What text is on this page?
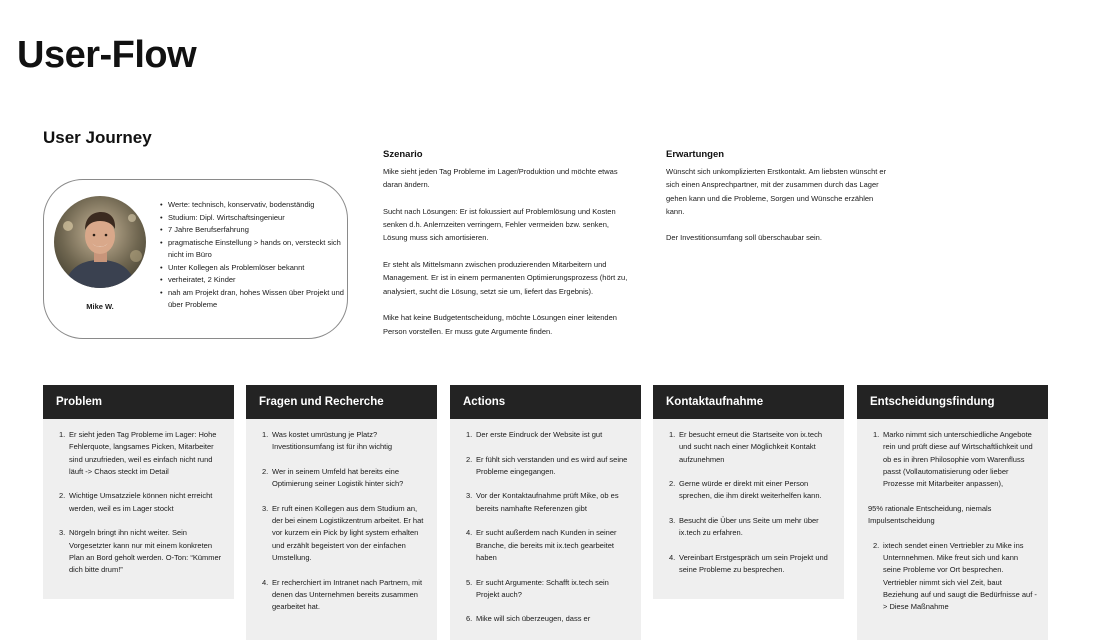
User-Flow
User Journey
Mike W.
• Werte: technisch, konservativ, bodenständig
• Studium: Dipl. Wirtschaftsingenieur
• 7 Jahre Berufserfahrung
• pragmatische Einstellung > hands on, versteckt sich nicht im Büro
• Unter Kollegen als Problemlöser bekannt
• verheiratet, 2 Kinder
• nah am Projekt dran, hohes Wissen über Projekt und über Probleme
Szenario

Mike sieht jeden Tag Probleme im Lager/Produktion und möchte etwas daran ändern.

Sucht nach Lösungen: Er ist fokussiert auf Problemlösung und Kosten senken d.h. Anlernzeiten verringern, Fehler vermeiden bzw. senken, Lösung muss sich amortisieren.

Er steht als Mittelsmann zwischen produzierenden Mitarbeitern und Management. Er ist in einem permanenten Optimierungsprozess (hört zu, analysiert, sucht die Lösung, setzt sie um, liefert das Ergebnis).

Mike hat keine Budgetentscheidung, möchte Lösungen einer leitenden Person vorstellen. Er muss gute Argumente finden.

Erwartungen

Wünscht sich unkomplizierten Erstkontakt. Am liebsten wünscht er sich einen Ansprechpartner, mit der zusammen durch das Lager gehen kann und die Probleme, Sorgen und Wünsche erzählen kann.

Der Investitionsumfang soll überschaubar sein.

Problem
1. Er sieht jeden Tag Probleme im Lager: Hohe Fehlerquote, langsames Picken, Mitarbeiter sind unzufrieden, weil es einfach nicht rund läuft -> Chaos steckt im Detail
2. Wichtige Umsatzziele können nicht erreicht werden, weil es im Lager stockt
3. Nörgeln bringt ihn nicht weiter. Sein Vorgesetzter kann nur mit einem konkreten Plan an Bord geholt werden. O-Ton: “Kümmer dich bitte drum!”
Fragen und Recherche
1. Was kostet umrüstung je Platz? Investitionsumfang ist für ihn wichtig
2. Wer in seinem Umfeld hat bereits eine Optimierung seiner Logistik hinter sich?
3. Er ruft einen Kollegen aus dem Studium an, der bei einem Logistikzentrum arbeitet. Er hat vor kurzem ein Pick by light system erhalten und erzählt begeistert von der einfachen Umstellung.
4. Er recherchiert im Intranet nach Partnern, mit denen das Unternehmen bereits zusammen gearbeitet hat.
Actions
1. Der erste Eindruck der Website ist gut
2. Er fühlt sich verstanden und es wird auf seine Probleme eingegangen.
3. Vor der Kontaktaufnahme prüft Mike, ob es bereits namhafte Referenzen gibt
4. Er sucht außerdem nach Kunden in seiner Branche, die bereits mit ix.tech gearbeitet haben
5. Er sucht Argumente: Schafft ix.tech sein Projekt auch?
6. Mike will sich überzeugen, dass er
Kontaktaufnahme
1. Er besucht erneut die Startseite von ix.tech und sucht nach einer Möglichkeit Kontakt aufzunehmen
2. Gerne würde er direkt mit einer Person sprechen, die ihm direkt weiterhelfen kann.
3. Besucht die Über uns Seite um mehr über ix.tech zu erfahren.
4. Vereinbart Erstgespräch um sein Projekt und seine Probleme zu besprechen.
Entscheidungsfindung
1. Marko nimmt sich unterschiedliche Angebote rein und prüft diese auf Wirtschaftlichkeit und ob es in ihren Philosophie vom Warenfluss passt (Vollautomatisierung oder lieber Prozesse mit Mitarbeiter anpassen),
95% rationale Entscheidung, niemals Impulsentscheidung
2. ixtech sendet einen Vertriebler zu Mike ins Unternnehmen. Mike freut sich und kann seine Probleme vor Ort besprechen. Vertriebler nimmt sich viel Zeit, baut Beziehung auf und saugt die Bedürfnisse auf -> Diese Maßnahme
